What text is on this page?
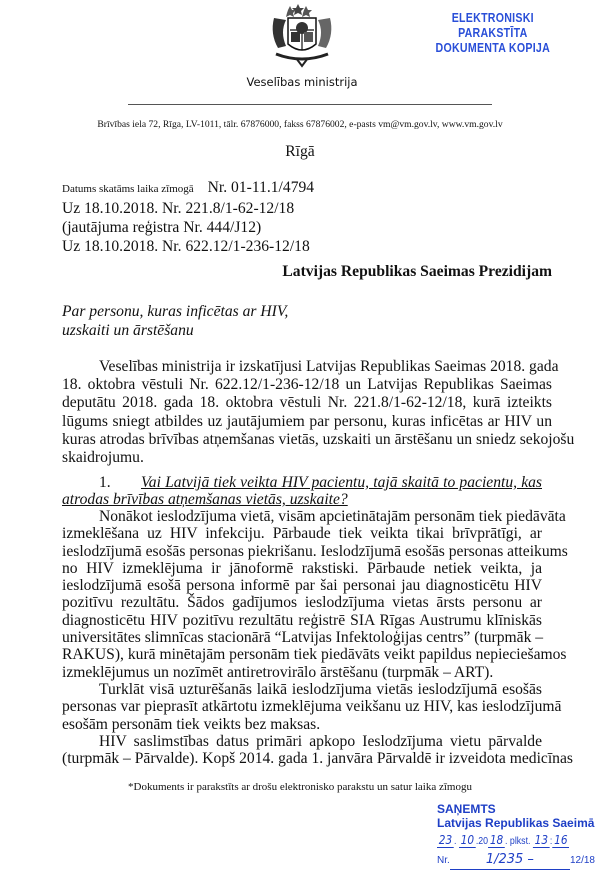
ELEKTRONISKI PARAKSTĪTA
DOKUMENTA KOPIJA
Veselības ministrija
Brīvības iela 72, Rīga, LV-1011, tālr. 67876000, fakss 67876002, e-pasts vm@vm.gov.lv, www.vm.gov.lv
Rīgā
Datums skatāms laika zīmogā Nr. 01-11.1/4794
Uz 18.10.2018. Nr. 221.8/1-62-12/18
(jautājuma reģistra Nr. 444/J12)
Uz 18.10.2018. Nr. 622.12/1-236-12/18
Latvijas Republikas Saeimas Prezidijam
Par personu, kuras inficētas ar HIV,
uzskaiti un ārstēšanu
Veselības ministrija ir izskatījusi Latvijas Republikas Saeimas 2018. gada
18. oktobra vēstuli Nr. 622.12/1-236-12/18 un Latvijas Republikas Saeimas
deputātu 2018. gada 18. oktobra vēstuli Nr. 221.8/1-62-12/18, kurā izteikts
lūgums sniegt atbildes uz jautājumiem par personu, kuras inficētas ar HIV un
kuras atrodas brīvības atņemšanas vietās, uzskaiti un ārstēšanu un sniedz sekojošu
skaidrojumu.
1.	Vai Latvijā tiek veikta HIV pacientu, tajā skaitā to pacientu, kas
atrodas brīvības atņemšanas vietās, uzskaite?
Nonākot ieslodzījuma vietā, visām apcietinātajām personām tiek piedāvāta
izmeklēšana uz HIV infekciju. Pārbaude tiek veikta tikai brīvprātīgi, ar
ieslodzījumā esošās personas piekrišanu. Ieslodzījumā esošās personas atteikums
no HIV izmeklējuma ir jānoformē rakstiski. Pārbaude netiek veikta, ja
ieslodzījumā esošā persona informē par šai personai jau diagnosticētu HIV
pozitīvu rezultātu. Šādos gadījumos ieslodzījuma vietas ārsts personu ar
diagnosticētu HIV pozitīvu rezultātu reģistrē SIA Rīgas Austrumu klīniskās
universitātes slimnīcas stacionārā “Latvijas Infektoloģijas centrs” (turpmāk –
RAKUS), kurā minētajām personām tiek piedāvāts veikt papildus nepieciešamos
izmeklējumus un nozīmēt antiretrovirālo ārstēšanu (turpmāk – ART).
Turklāt visā uzturēšanās laikā ieslodzījuma vietās ieslodzījumā esošās
personas var pieprasīt atkārtotu izmeklējuma veikšanu uz HIV, kas ieslodzījumā
esošām personām tiek veikts bez maksas.
HIV saslimstības datus primāri apkopo Ieslodzījuma vietu pārvalde
(turpmāk – Pārvalde). Kopš 2014. gada 1. janvāra Pārvaldē ir izveidota medicīnas
*Dokuments ir parakstīts ar drošu elektronisko parakstu un satur laika zīmogu
SAŅEMTS
Latvijas Republikas Saeimā
23 . 10 .20 18 . plkst. 13 : 16
Nr.	1/235 –	12/18
